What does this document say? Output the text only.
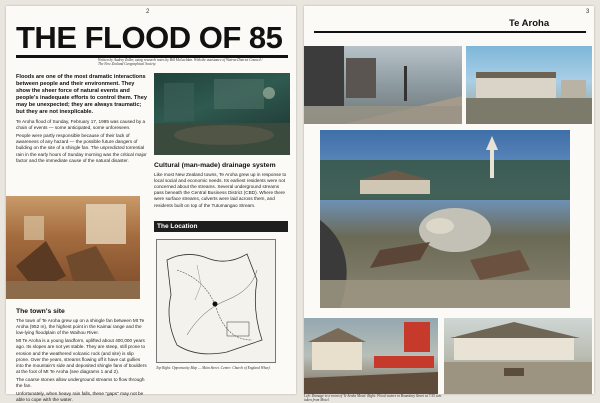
2
THE FLOOD OF 85
Written by Audrey Zoller, using research notes by Bill McLachlan. With the assistance of Wairoa District Council / The New Zealand Geographical Society.
Floods are one of the most dramatic interactions between people and their environment. They show the sheer force of natural events and people's inadequate efforts to control them. They may be unexpected; they are always traumatic; but they are not inexplicable.

Te Aroha flood of Sunday, February 17, 1985 was caused by a chain of events — some anticipated, some unforeseen.

People were partly responsible because of their lack of awareness of any hazard — the possible future dangers of building on the site of a shingle fan. The unpredicted torrential rain in the early hours of Sunday morning was the critical major factor and the immediate cause of the natural disaster.

Cultural (man-made) drainage system
Like most New Zealand towns, Te Aroha grew up in response to local social and economic needs. Its earliest residents were not concerned about the streams. Several underground streams pass beneath the Central Business District (CBD). Where there were surface streams, culverts were laid across them, and residents built on top of the Tutumangao Stream.
The Location
Top Right: Opportunity Map — Main Street. Centre: Church of England Wharf.
The town's site

The town of Te Aroha grew up on a shingle fan between Mt Te Aroha (952 m), the highest point in the Kaimai range and the low-lying floodplain of the Waihou River.

Mt Te Aroha is a young landform, uplifted about 400,000 years ago. Its slopes are not yet stable. They are steep, still prone to erosion and the weathered volcanic rock (and site) is slip prone. Over the years, streams flowing off it have cut gullies into the mountain's side and deposited shingle fans of boulders at the foot of Mt Te Aroha (see diagrams 1 and 2).

The coarse stones allow underground streams to flow through the fan.

Unfortunately, when heavy rain falls, these "gaps" may not be able to cope with the water.

3
Te Aroha
Left: Damage to a room of Te Aroha Motel. Right: Flood waters in Boundary Street at 7.55 a.m. taken from Motel.
